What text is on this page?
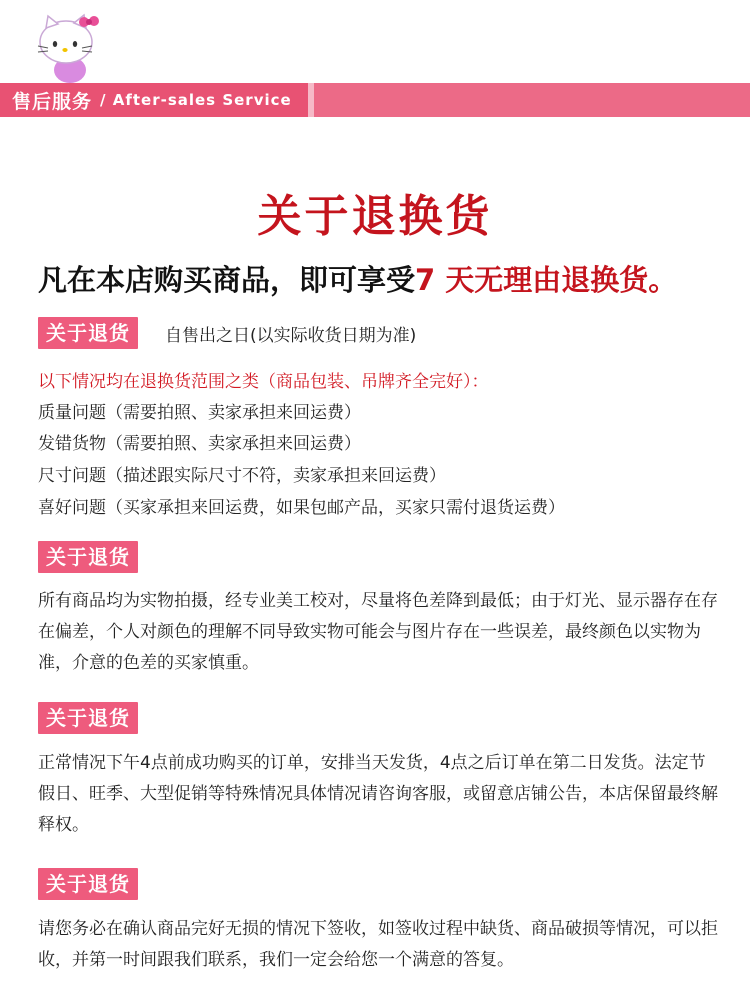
售后服务 / After-sales Service
关于退换货
凡在本店购买商品，即可享受7 天无理由退换货。
关于退货	自售出之日(以实际收货日期为准)
以下情况均在退换货范围之类（商品包装、吊牌齐全完好）：
质量问题（需要拍照、卖家承担来回运费）
发错货物（需要拍照、卖家承担来回运费）
尺寸问题（描述跟实际尺寸不符，卖家承担来回运费）
喜好问题（买家承担来回运费，如果包邮产品，买家只需付退货运费）
关于退货
所有商品均为实物拍摄，经专业美工校对，尽量将色差降到最低；由于灯光、显示器存在存在偏差，个人对颜色的理解不同导致实物可能会与图片存在一些误差，最终颜色以实物为准，介意的色差的买家慎重。
关于退货
正常情况下午4点前成功购买的订单，安排当天发货，4点之后订单在第二日发货。法定节假日、旺季、大型促销等特殊情况具体情况请咨询客服，或留意店铺公告，本店保留最终解释权。
关于退货
请您务必在确认商品完好无损的情况下签收，如签收过程中缺货、商品破损等情况，可以拒收，并第一时间跟我们联系，我们一定会给您一个满意的答复。
